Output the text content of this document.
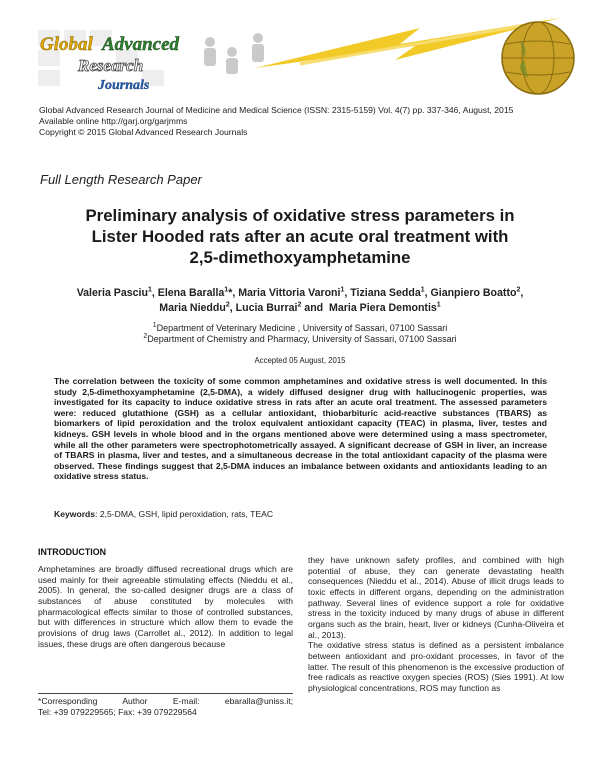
Global Advanced
Research
Journals
Global Advanced Research Journal of Medicine and Medical Science (ISSN: 2315-5159) Vol. 4(7) pp. 337-346, August, 2015
Available online http://garj.org/garjmms
Copyright © 2015 Global Advanced Research Journals
Full Length Research Paper
Preliminary analysis of oxidative stress parameters in
Lister Hooded rats after an acute oral treatment with
2,5-dimethoxyamphetamine
Valeria Pasciu$^1$, Elena Baralla$^1$*, Maria Vittoria Varoni$^1$, Tiziana Sedda$^1$, Gianpiero Boatto$^2$,
Maria Nieddu$^2$, Lucia Burrai$^2$ and  Maria Piera Demontis$^1$
$^1$Department of Veterinary Medicine , University of Sassari, 07100 Sassari
$^2$Department of Chemistry and Pharmacy, University of Sassari, 07100 Sassari
Accepted 05 August, 2015
The correlation between the toxicity of some common amphetamines and oxidative stress is well documented. In this study 2,5-dimethoxyamphetamine (2,5-DMA), a widely diffused designer drug with hallucinogenic properties, was investigated for its capacity to induce oxidative stress in rats after an acute oral treatment. The assessed parameters were: reduced glutathione (GSH) as a cellular antioxidant, thiobarbituric acid-reactive substances (TBARS) as biomarkers of lipid peroxidation and the trolox equivalent antioxidant capacity (TEAC) in plasma, liver, testes and kidneys. GSH levels in whole blood and in the organs mentioned above were determined using a mass spectrometer, while all the other parameters were spectrophotometrically assayed. A significant decrease of GSH in liver, an increase of TBARS in plasma, liver and testes, and a simultaneous decrease in the total antioxidant capacity of the plasma were observed. These findings suggest that 2,5-DMA induces an imbalance between oxidants and antioxidants leading to an oxidative stress status.
Keywords: 2,5-DMA, GSH, lipid peroxidation, rats, TEAC
INTRODUCTION

Amphetamines are broadly diffused recreational drugs which are used mainly for their agreeable stimulating effects (Nieddu et al., 2005). In general, the so-called designer drugs are a class of substances of abuse constituted by molecules with pharmacological effects similar to those of controlled substances, but with differences in structure which allow them to evade the provisions of drug laws (Carrollet al., 2012). In addition to legal issues, these drugs are often dangerous because

they have unknown safety profiles, and combined with high potential of abuse, they can generate devastating health consequences (Nieddu et al., 2014). Abuse of illicit drugs leads to toxic effects in different organs, depending on the administration pathway. Several lines of evidence support a role for oxidative stress in the toxicity induced by many drugs of abuse in different organs such as the brain, heart, liver or kidneys (Cunha-Oliveira et al., 2013).

The oxidative stress status is defined as a persistent imbalance between antioxidant and pro-oxidant processes, in favor of the latter. The result of this phenomenon is the excessive production of free radicals as reactive oxygen species (ROS) (Sies 1991). At low physiological concentrations, ROS may function as

*Corresponding Author E-mail: ebaralla@uniss.it;
Tel: +39 079229565; Fax: +39 079229564
